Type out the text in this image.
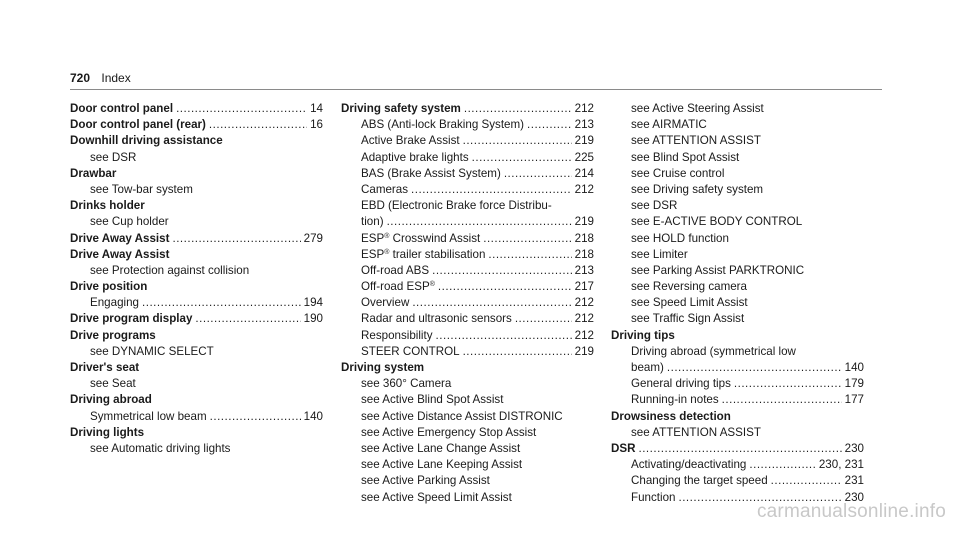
720 Index
Door control panel .....	14
Door control panel (rear) .....	16
Downhill driving assistance
see DSR
Drawbar
see Tow-bar system
Drinks holder
see Cup holder
Drive Away Assist .....	279
Drive Away Assist
see Protection against collision
Drive position
Engaging .....	194
Drive program display .....	190
Drive programs
see DYNAMIC SELECT
Driver's seat
see Seat
Driving abroad
Symmetrical low beam .....	140
Driving lights
see Automatic driving lights
Driving safety system .....	212
ABS (Anti-lock Braking System) .....	213
Active Brake Assist .....	219
Adaptive brake lights .....	225
BAS (Brake Assist System) .....	214
Cameras .....	212
EBD (Electronic Brake force Distribu-
tion) .....	219
ESP® Crosswind Assist .....	218
ESP® trailer stabilisation .....	218
Off-road ABS .....	213
Off-road ESP® .....	217
Overview .....	212
Radar and ultrasonic sensors .....	212
Responsibility .....	212
STEER CONTROL .....	219
Driving system
see 360° Camera
see Active Blind Spot Assist
see Active Distance Assist DISTRONIC
see Active Emergency Stop Assist
see Active Lane Change Assist
see Active Lane Keeping Assist
see Active Parking Assist
see Active Speed Limit Assist
see Active Steering Assist
see AIRMATIC
see ATTENTION ASSIST
see Blind Spot Assist
see Cruise control
see Driving safety system
see DSR
see E-ACTIVE BODY CONTROL
see HOLD function
see Limiter
see Parking Assist PARKTRONIC
see Reversing camera
see Speed Limit Assist
see Traffic Sign Assist
Driving tips
Driving abroad (symmetrical low
beam) .....	140
General driving tips .....	179
Running-in notes .....	177
Drowsiness detection
see ATTENTION ASSIST
DSR .....	230
Activating/deactivating .....	230, 231
Changing the target speed .....	231
Function .....	230
carmanualsonline.info
